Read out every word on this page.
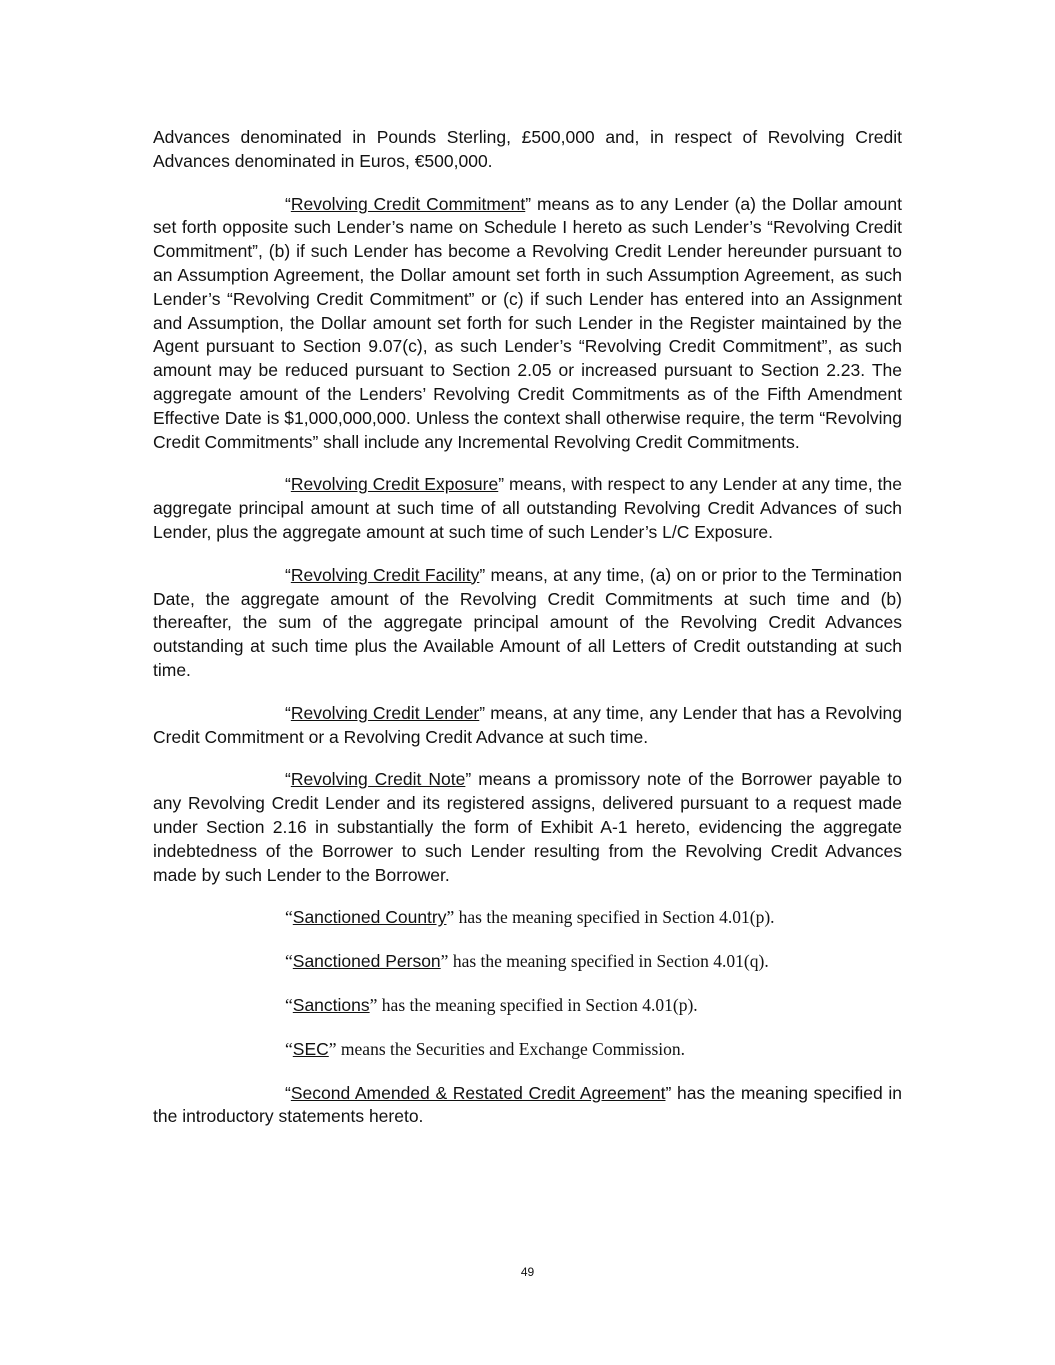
Advances denominated in Pounds Sterling, £500,000 and, in respect of Revolving Credit Advances denominated in Euros, €500,000.

“Revolving Credit Commitment” means as to any Lender (a) the Dollar amount set forth opposite such Lender’s name on Schedule I hereto as such Lender’s “Revolving Credit Commitment”, (b) if such Lender has become a Revolving Credit Lender hereunder pursuant to an Assumption Agreement, the Dollar amount set forth in such Assumption Agreement, as such Lender’s “Revolving Credit Commitment” or (c) if such Lender has entered into an Assignment and Assumption, the Dollar amount set forth for such Lender in the Register maintained by the Agent pursuant to Section 9.07(c), as such Lender’s “Revolving Credit Commitment”, as such amount may be reduced pursuant to Section 2.05 or increased pursuant to Section 2.23. The aggregate amount of the Lenders’ Revolving Credit Commitments as of the Fifth Amendment Effective Date is $1,000,000,000. Unless the context shall otherwise require, the term “Revolving Credit Commitments” shall include any Incremental Revolving Credit Commitments.

“Revolving Credit Exposure” means, with respect to any Lender at any time, the aggregate principal amount at such time of all outstanding Revolving Credit Advances of such Lender, plus the aggregate amount at such time of such Lender’s L/C Exposure.

“Revolving Credit Facility” means, at any time, (a) on or prior to the Termination Date, the aggregate amount of the Revolving Credit Commitments at such time and (b) thereafter, the sum of the aggregate principal amount of the Revolving Credit Advances outstanding at such time plus the Available Amount of all Letters of Credit outstanding at such time.

“Revolving Credit Lender” means, at any time, any Lender that has a Revolving Credit Commitment or a Revolving Credit Advance at such time.

“Revolving Credit Note” means a promissory note of the Borrower payable to any Revolving Credit Lender and its registered assigns, delivered pursuant to a request made under Section 2.16 in substantially the form of Exhibit A-1 hereto, evidencing the aggregate indebtedness of the Borrower to such Lender resulting from the Revolving Credit Advances made by such Lender to the Borrower.

“Sanctioned Country” has the meaning specified in Section 4.01(p).

“Sanctioned Person” has the meaning specified in Section 4.01(q).

“Sanctions” has the meaning specified in Section 4.01(p).

“SEC” means the Securities and Exchange Commission.

“Second Amended & Restated Credit Agreement” has the meaning specified in the introductory statements hereto.

49
